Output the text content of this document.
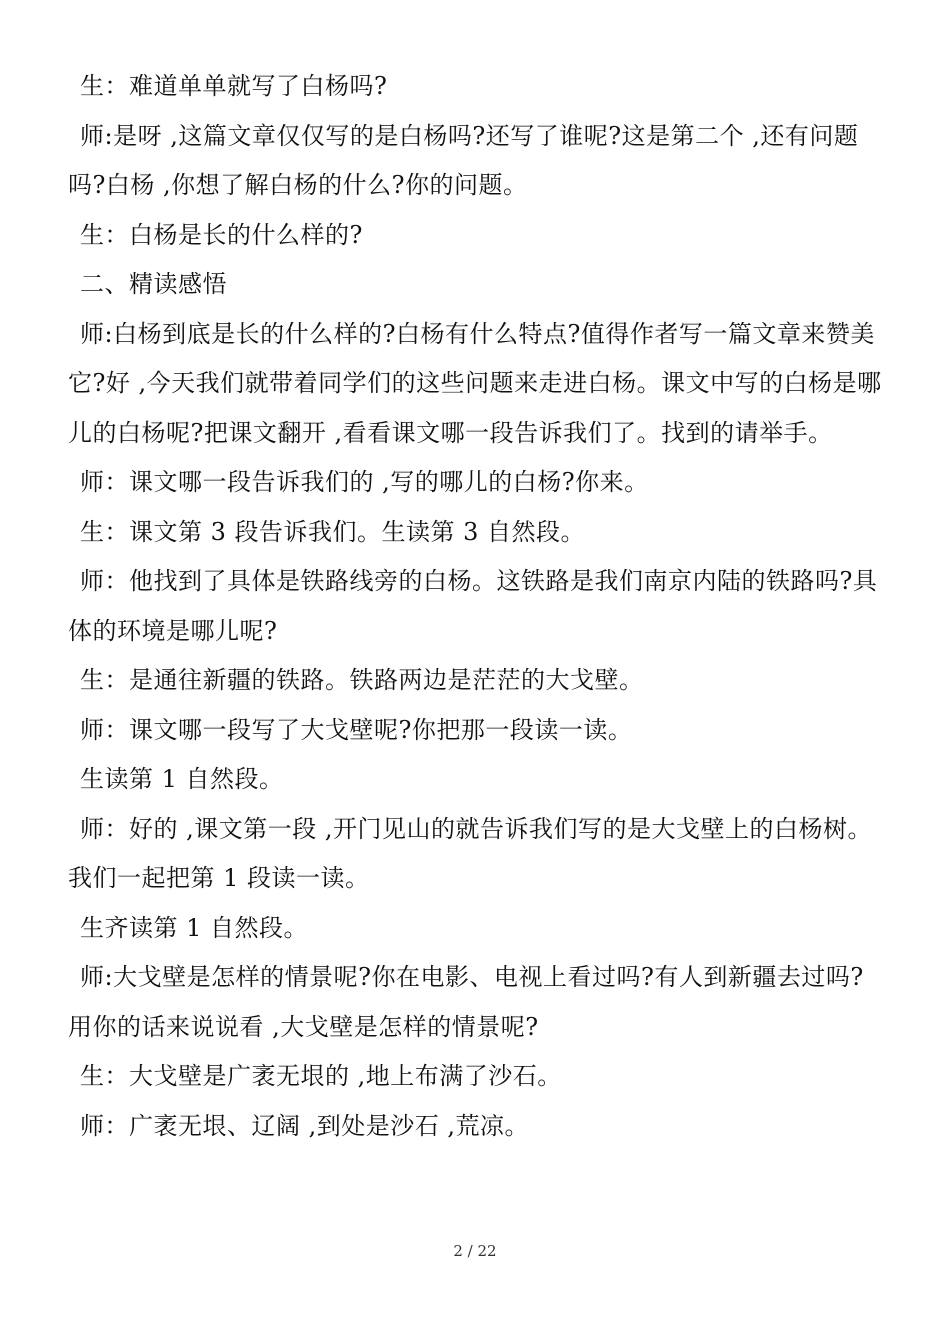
生：难道单单就写了白杨吗?

师:是呀 ,这篇文章仅仅写的是白杨吗?还写了谁呢?这是第二个 ,还有问题吗?白杨 ,你想了解白杨的什么?你的问题。

生：白杨是长的什么样的?

二、精读感悟

师:白杨到底是长的什么样的?白杨有什么特点?值得作者写一篇文章来赞美它?好 ,今天我们就带着同学们的这些问题来走进白杨。课文中写的白杨是哪儿的白杨呢?把课文翻开 ,看看课文哪一段告诉我们了。找到的请举手。

师：课文哪一段告诉我们的 ,写的哪儿的白杨?你来。

生：课文第 3 段告诉我们。生读第 3 自然段。

师：他找到了具体是铁路线旁的白杨。这铁路是我们南京内陆的铁路吗?具体的环境是哪儿呢?

生：是通往新疆的铁路。铁路两边是茫茫的大戈壁。

师：课文哪一段写了大戈壁呢?你把那一段读一读。

生读第 1 自然段。

师：好的 ,课文第一段 ,开门见山的就告诉我们写的是大戈壁上的白杨树。我们一起把第 1 段读一读。

生齐读第 1 自然段。

师:大戈壁是怎样的情景呢?你在电影、电视上看过吗?有人到新疆去过吗?用你的话来说说看 ,大戈壁是怎样的情景呢?

生：大戈壁是广袤无垠的 ,地上布满了沙石。

师：广袤无垠、辽阔 ,到处是沙石 ,荒凉。

2 / 22
